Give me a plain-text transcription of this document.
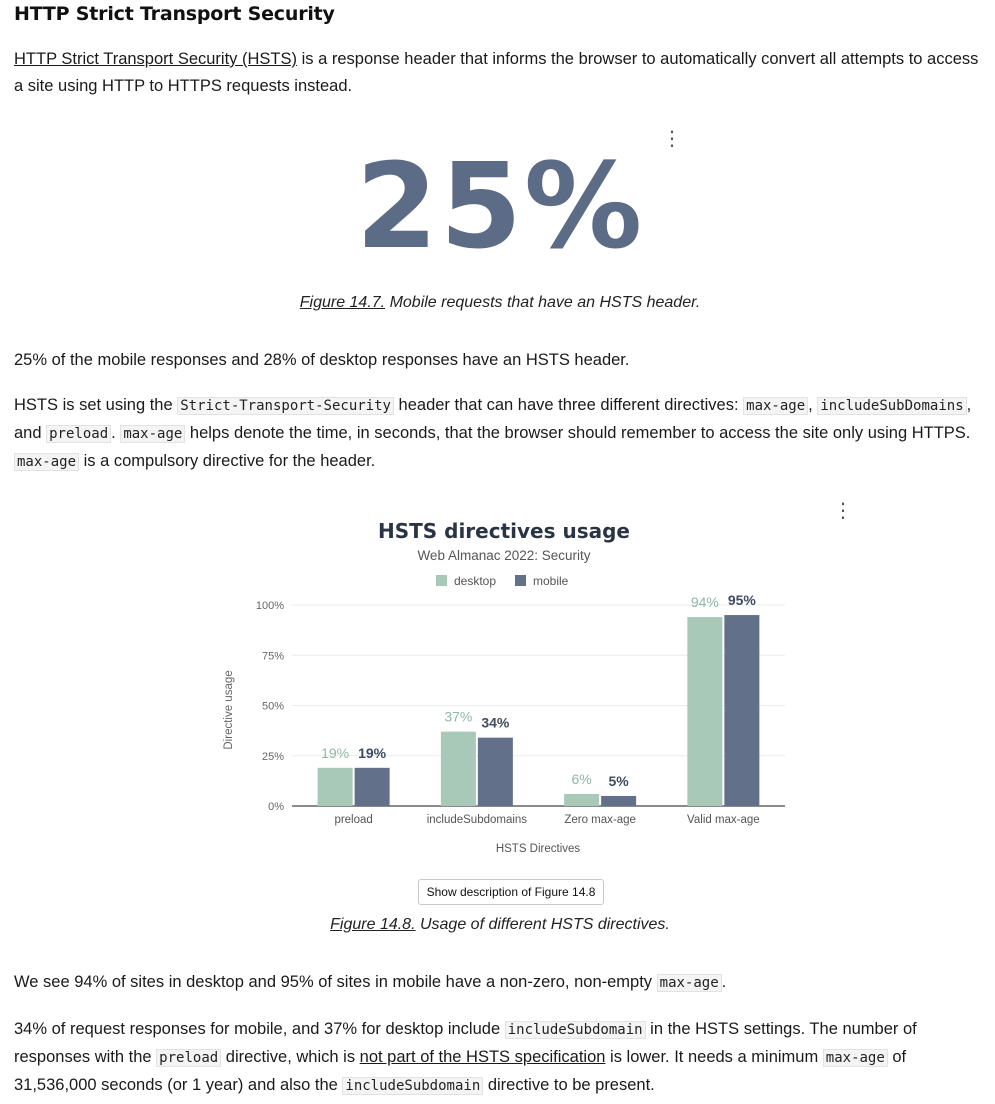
HTTP Strict Transport Security

HTTP Strict Transport Security (HSTS) is a response header that informs the browser to automatically convert all attempts to access a site using HTTP to HTTPS requests instead.

⋮
25%
Figure 14.7. Mobile requests that have an HSTS header.

25% of the mobile responses and 28% of desktop responses have an HSTS header.

HSTS is set using the Strict-Transport-Security header that can have three different directives: max-age , includeSubDomains , and preload . max-age helps denote the time, in seconds, that the browser should remember to access the site only using HTTPS. max-age is a compulsory directive for the header.

⋮
Show description of Figure 14.8
Figure 14.8. Usage of different HSTS directives.

We see 94% of sites in desktop and 95% of sites in mobile have a non-zero, non-empty max-age .

34% of request responses for mobile, and 37% for desktop include includeSubdomain in the HSTS settings. The number of responses with the preload directive, which is not part of the HSTS specification is lower. It needs a minimum max-age of 31,536,000 seconds (or 1 year) and also the includeSubdomain directive to be present.

HSTS directives usage
Web Almanac 2022: Security
desktop	mobile
0%
25%
50%
75%
100%
19% 19%
preload
37% 34%
includeSubdomains
6% 5%
Zero max-age
94% 95%
Valid max-age
Directive usage
HSTS Directives
